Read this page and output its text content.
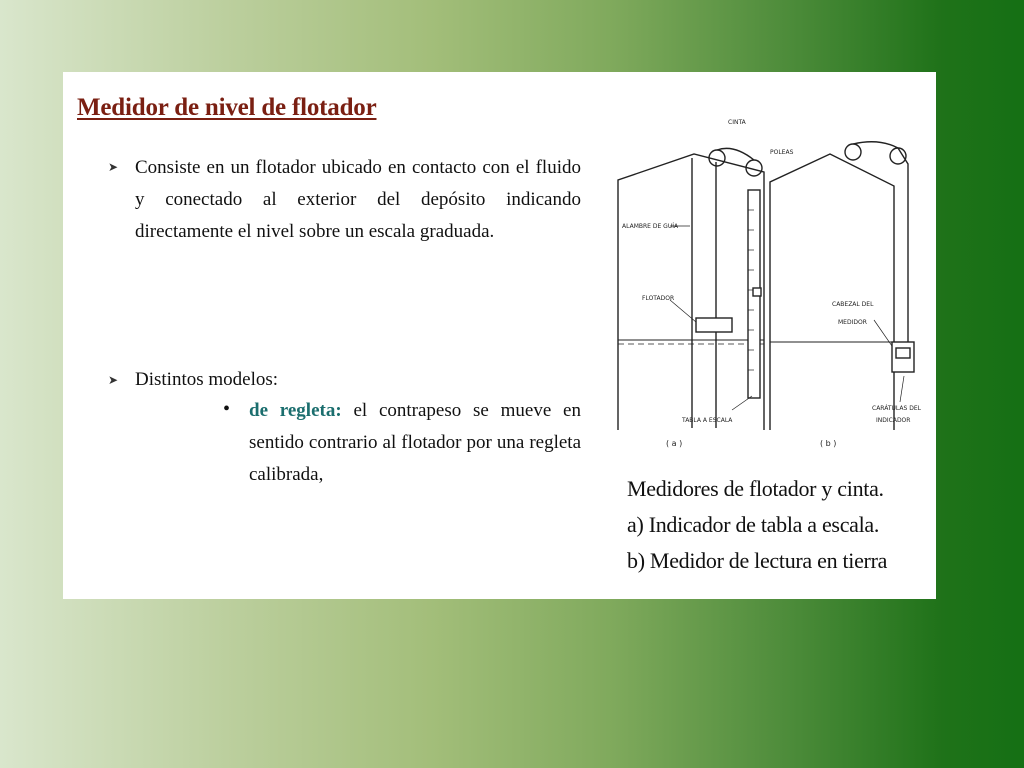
Medidor de nivel de flotador
➤ Consiste en un flotador ubicado en contacto con el fluido y conectado al exterior del depósito indicando directamente el nivel sobre un escala graduada.
➤ Distintos modelos:
• de regleta: el contrapeso se mueve en sentido contrario al flotador por una regleta calibrada,
CINTA
POLEAS
ALAMBRE DE GUÍA
FLOTADOR
TABLA A ESCALA
CABEZAL DEL
MEDIDOR
CARÁTULAS DEL
INDICADOR
( a )	( b )
Medidores de flotador y cinta.
a) Indicador de tabla a escala.
b) Medidor de lectura en tierra
